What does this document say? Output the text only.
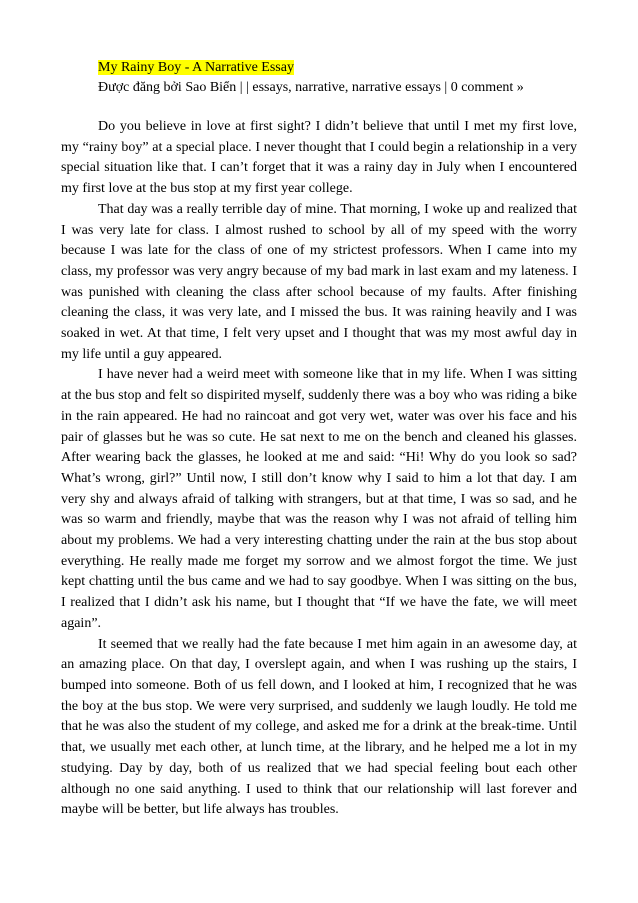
My Rainy Boy - A Narrative Essay
Được đăng bởi Sao Biển | | essays, narrative, narrative essays | 0 comment »

Do you believe in love at first sight? I didn’t believe that until I met my first love, my “rainy boy” at a special place. I never thought that I could begin a relationship in a very special situation like that. I can’t forget that it was a rainy day in July when I encountered my first love at the bus stop at my first year college.

That day was a really terrible day of mine. That morning, I woke up and realized that I was very late for class. I almost rushed to school by all of my speed with the worry because I was late for the class of one of my strictest professors. When I came into my class, my professor was very angry because of my bad mark in last exam and my lateness. I was punished with cleaning the class after school because of my faults. After finishing cleaning the class, it was very late, and I missed the bus. It was raining heavily and I was soaked in wet. At that time, I felt very upset and I thought that was my most awful day in my life until a guy appeared.

I have never had a weird meet with someone like that in my life. When I was sitting at the bus stop and felt so dispirited myself, suddenly there was a boy who was riding a bike in the rain appeared. He had no raincoat and got very wet, water was over his face and his pair of glasses but he was so cute. He sat next to me on the bench and cleaned his glasses. After wearing back the glasses, he looked at me and said: “Hi! Why do you look so sad? What’s wrong, girl?” Until now, I still don’t know why I said to him a lot that day. I am very shy and always afraid of talking with strangers, but at that time, I was so sad, and he was so warm and friendly, maybe that was the reason why I was not afraid of telling him about my problems. We had a very interesting chatting under the rain at the bus stop about everything. He really made me forget my sorrow and we almost forgot the time. We just kept chatting until the bus came and we had to say goodbye. When I was sitting on the bus, I realized that I didn’t ask his name, but I thought that “If we have the fate, we will meet again”.

It seemed that we really had the fate because I met him again in an awesome day, at an amazing place. On that day, I overslept again, and when I was rushing up the stairs, I bumped into someone. Both of us fell down, and I looked at him, I recognized that he was the boy at the bus stop. We were very surprised, and suddenly we laugh loudly. He told me that he was also the student of my college, and asked me for a drink at the break-time. Until that, we usually met each other, at lunch time, at the library, and he helped me a lot in my studying. Day by day, both of us realized that we had special feeling bout each other although no one said anything. I used to think that our relationship will last forever and maybe will be better, but life always has troubles.
